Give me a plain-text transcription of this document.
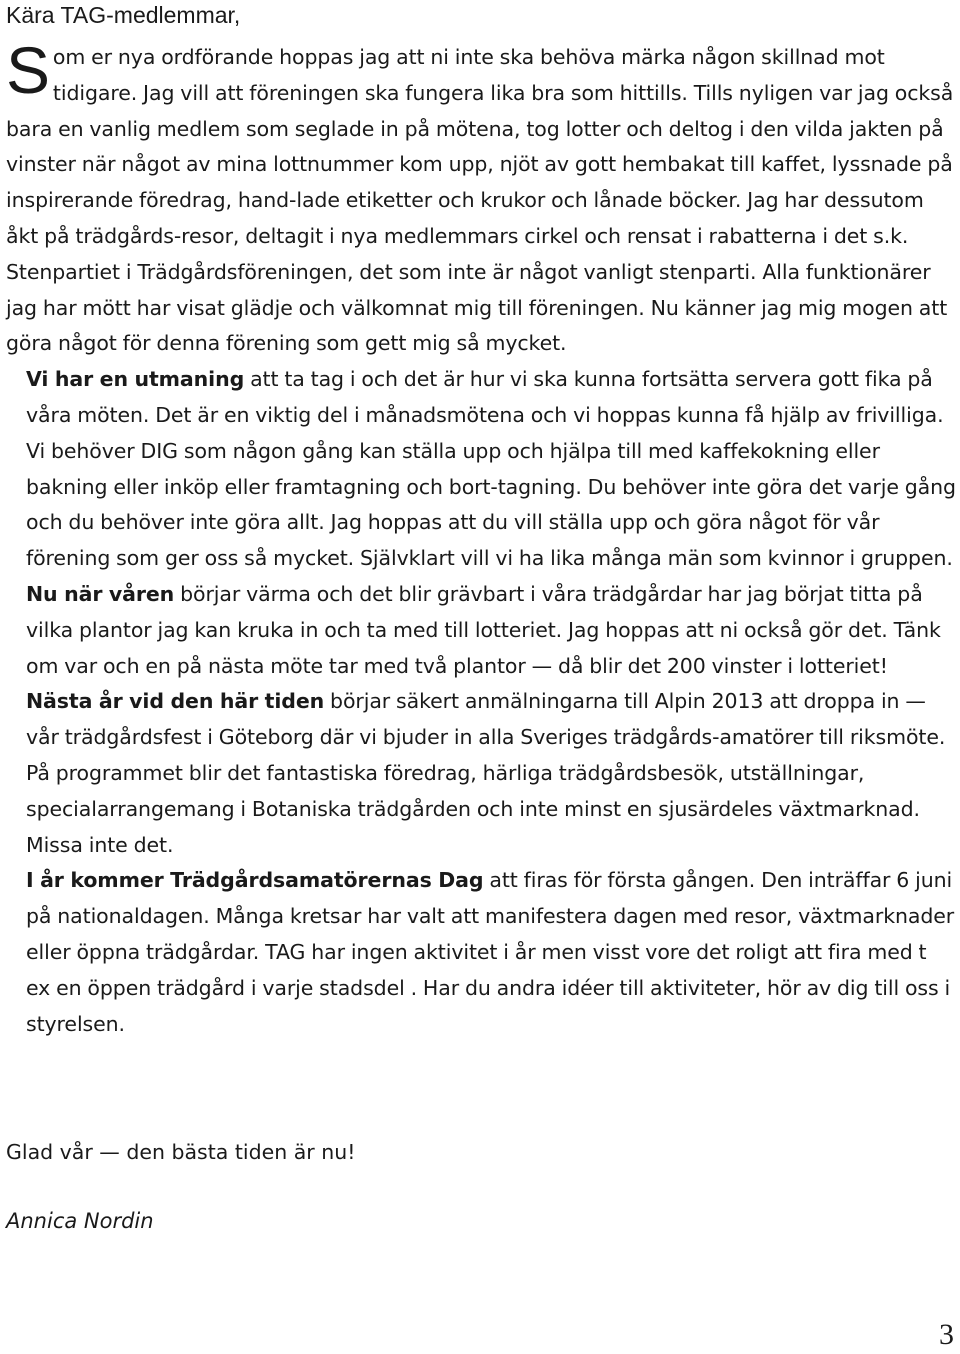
Kära TAG-medlemmar,

Som er nya ordförande hoppas jag att ni inte ska behöva märka någon skillnad mot tidigare. Jag vill att föreningen ska fungera lika bra som hittills. Tills nyligen var jag också bara en vanlig medlem som seglade in på mötena, tog lotter och deltog i den vilda jakten på vinster när något av mina lottnummer kom upp, njöt av gott hembakat till kaffet, lyssnade på inspirerande föredrag, hand-lade etiketter och krukor och lånade böcker. Jag har dessutom åkt på trädgårds-resor, deltagit i nya medlemmars cirkel och rensat i rabatterna i det s.k. Stenpartiet i Trädgårdsföreningen, det som inte är något vanligt stenparti. Alla funktionärer jag har mött har visat glädje och välkomnat mig till föreningen. Nu känner jag mig mogen att göra något för denna förening som gett mig så mycket.

Vi har en utmaning att ta tag i och det är hur vi ska kunna fortsätta servera gott fika på våra möten. Det är en viktig del i månadsmötena och vi hoppas kunna få hjälp av frivilliga. Vi behöver DIG som någon gång kan ställa upp och hjälpa till med kaffekokning eller bakning eller inköp eller framtagning och bort-tagning. Du behöver inte göra det varje gång och du behöver inte göra allt. Jag hoppas att du vill ställa upp och göra något för vår förening som ger oss så mycket. Självklart vill vi ha lika många män som kvinnor i gruppen.

Nu när våren börjar värma och det blir grävbart i våra trädgårdar har jag börjat titta på vilka plantor jag kan kruka in och ta med till lotteriet. Jag hoppas att ni också gör det. Tänk om var och en på nästa möte tar med två plantor — då blir det 200 vinster i lotteriet!

Nästa år vid den här tiden börjar säkert anmälningarna till Alpin 2013 att droppa in — vår trädgårdsfest i Göteborg där vi bjuder in alla Sveriges trädgårds-amatörer till riksmöte. På programmet blir det fantastiska föredrag, härliga trädgårdsbesök, utställningar, specialarrangemang i Botaniska trädgården och inte minst en sjusärdeles växtmarknad. Missa inte det.

I år kommer Trädgårdsamatörernas Dag att firas för första gången. Den inträffar 6 juni på nationaldagen. Många kretsar har valt att manifestera dagen med resor, växtmarknader eller öppna trädgårdar. TAG har ingen aktivitet i år men visst vore det roligt att fira med t ex en öppen trädgård i varje stadsdel . Har du andra idéer till aktiviteter, hör av dig till oss i styrelsen.

Glad vår — den bästa tiden är nu!
Annica Nordin
3
